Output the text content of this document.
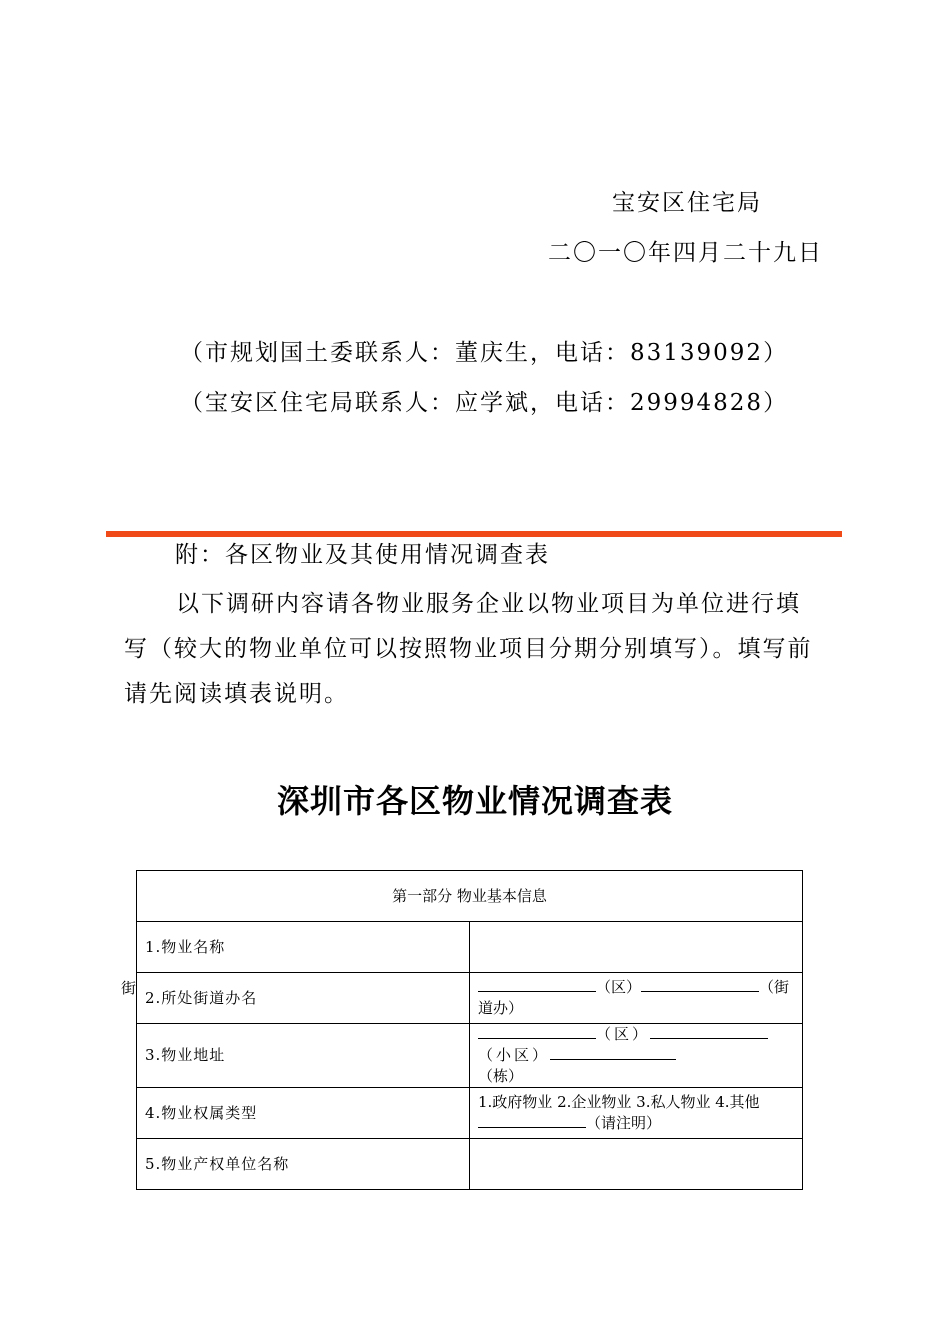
宝安区住宅局
二〇一〇年四月二十九日
（市规划国土委联系人：董庆生，电话：83139092）
（宝安区住宅局联系人：应学斌，电话：29994828）
附：各区物业及其使用情况调查表
以下调研内容请各物业服务企业以物业项目为单位进行填写（较大的物业单位可以按照物业项目分期分别填写）。填写前请先阅读填表说明。
深圳市各区物业情况调查表
第一部分 物业基本信息	
1.物业名称	
2.所处街道办名	（区） （街道办）
3.物业地址	（区）（小区）
（栋）
4.物业权属类型	1.政府物业 2.企业物业 3.私人物业 4.其他（请注明）
5.物业产权单位名称	
街
